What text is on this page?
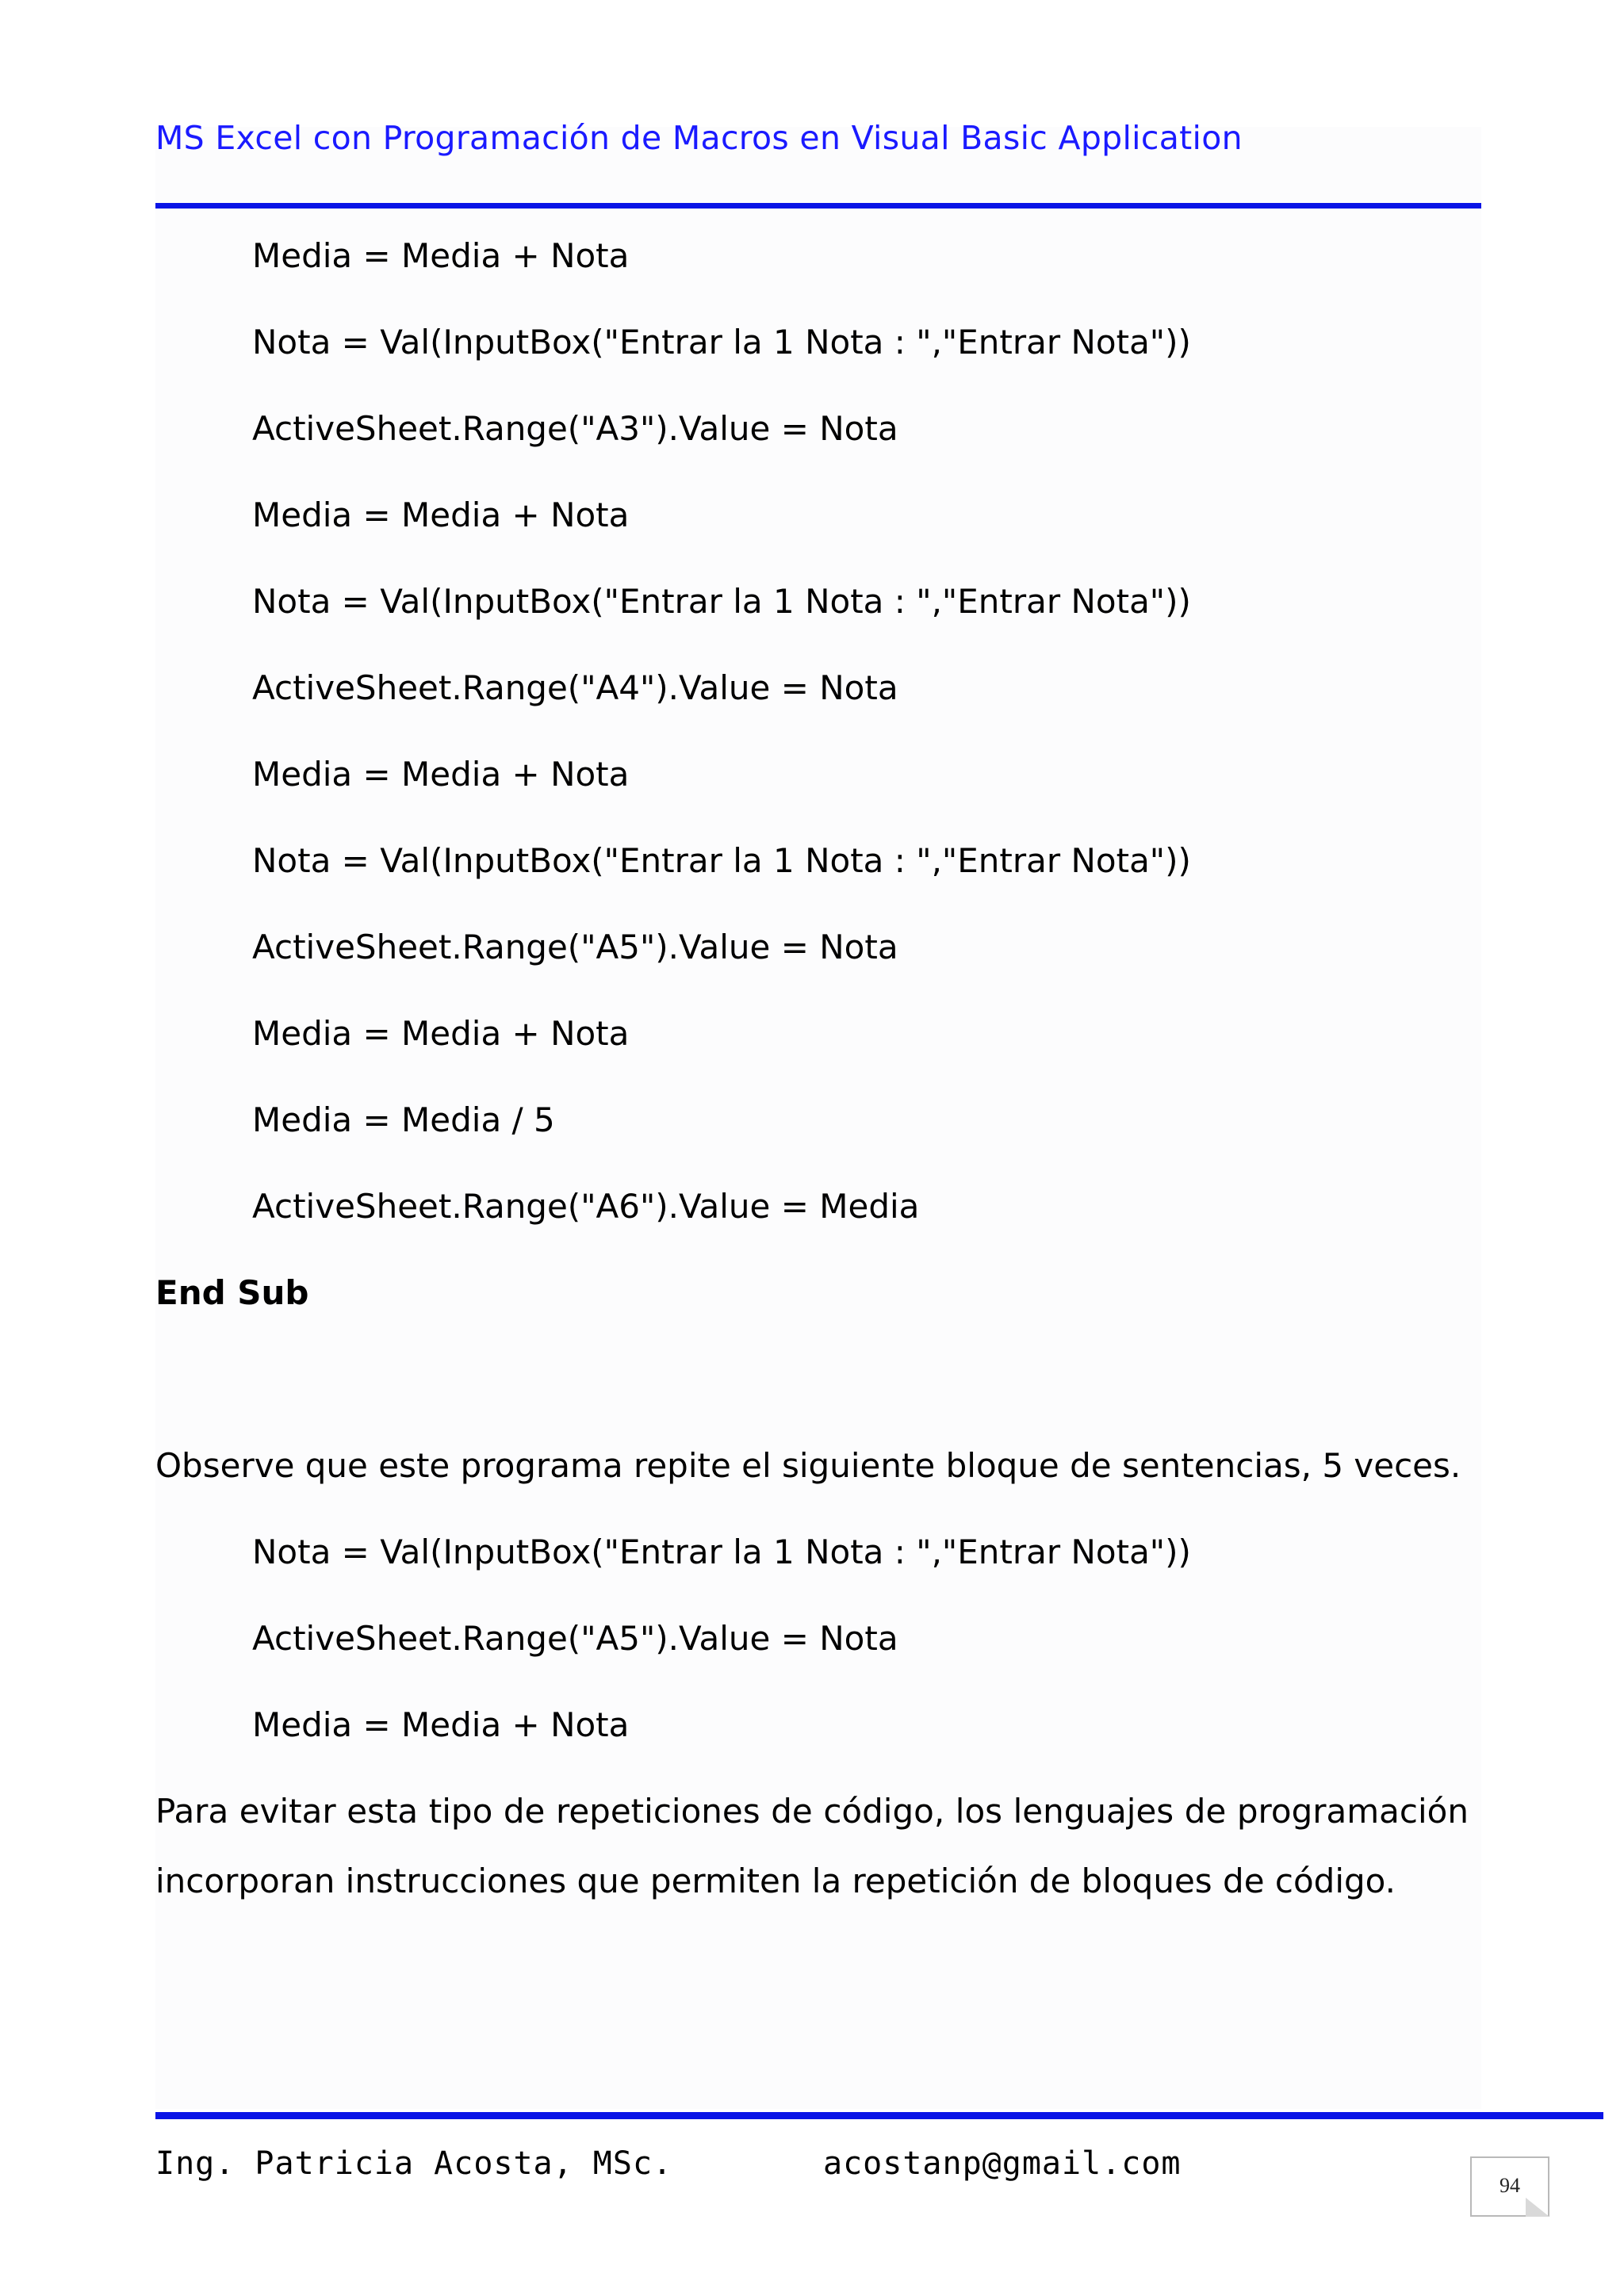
MS Excel con Programación de Macros en Visual Basic Application
Media = Media + Nota
Nota = Val(InputBox("Entrar la 1 Nota : ","Entrar Nota"))
ActiveSheet.Range("A3").Value = Nota
Media = Media + Nota
Nota = Val(InputBox("Entrar la 1 Nota : ","Entrar Nota"))
ActiveSheet.Range("A4").Value = Nota
Media = Media + Nota
Nota = Val(InputBox("Entrar la 1 Nota : ","Entrar Nota"))
ActiveSheet.Range("A5").Value = Nota
Media = Media + Nota
Media = Media / 5
ActiveSheet.Range("A6").Value = Media
End Sub
Observe que este programa repite el siguiente bloque de sentencias, 5 veces.
Nota = Val(InputBox("Entrar la 1 Nota : ","Entrar Nota"))
ActiveSheet.Range("A5").Value = Nota
Media = Media + Nota
Para evitar esta tipo de repeticiones de código, los lenguajes de programación
incorporan instrucciones que permiten la repetición de bloques de código.
Ing. Patricia Acosta, MSc.	acostanp@gmail.com
94
